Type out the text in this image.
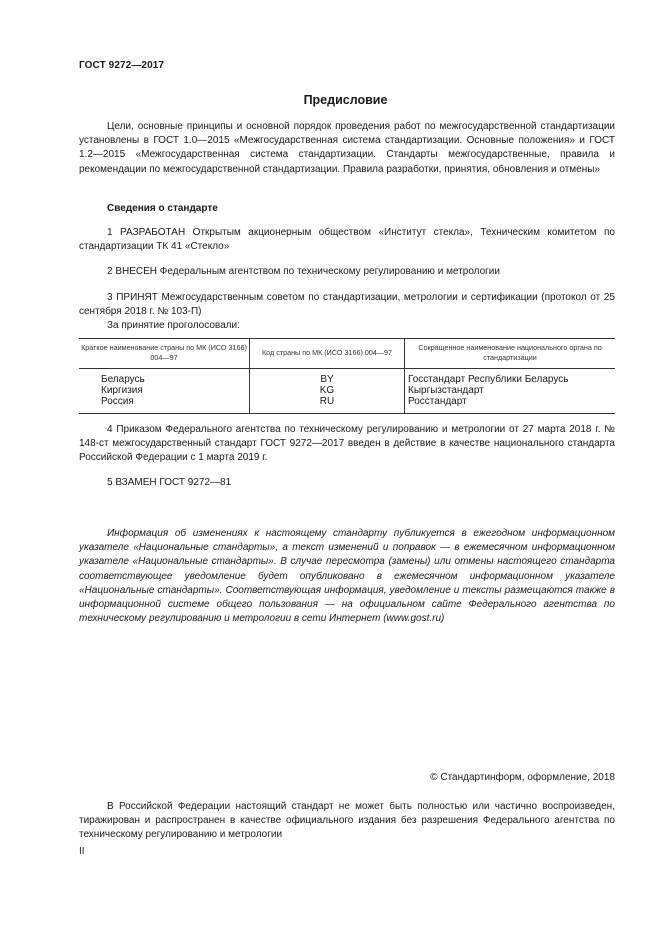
ГОСТ 9272—2017
Предисловие
Цели, основные принципы и основной порядок проведения работ по межгосударственной стандартизации установлены в ГОСТ 1.0—2015 «Межгосударственная система стандартизации. Основные положения» и ГОСТ 1.2—2015 «Межгосударственная система стандартизации. Стандарты межгосударственные, правила и рекомендации по межгосударственной стандартизации. Правила разработки, принятия, обновления и отмены»
Сведения о стандарте
1 РАЗРАБОТАН Открытым акционерным обществом «Институт стекла», Техническим комитетом по стандартизации ТК 41 «Стекло»
2 ВНЕСЕН Федеральным агентством по техническому регулированию и метрологии
3 ПРИНЯТ Межгосударственным советом по стандартизации, метрологии и сертификации (протокол от 25 сентября 2018 г. № 103-П)
За принятие проголосовали:
Краткое наименование страны по МК (ИСО 3166) 004—97	Код страны по МК (ИСО 3166) 004—97	Сокращенное наименование национального органа по стандартизации
Беларусь	BY	Госстандарт Республики Беларусь
Киргизия	KG	Кыргызстандарт
Россия	RU	Росстандарт
4 Приказом Федерального агентства по техническому регулированию и метрологии от 27 марта 2018 г. № 148-ст межгосударственный стандарт ГОСТ 9272—2017 введен в действие в качестве национального стандарта Российской Федерации с 1 марта 2019 г.
5 ВЗАМЕН ГОСТ 9272—81
Информация об изменениях к настоящему стандарту публикуется в ежегодном информационном указателе «Национальные стандарты», а текст изменений и поправок — в ежемесячном информационном указателе «Национальные стандарты». В случае пересмотра (замены) или отмены настоящего стандарта соответствующее уведомление будет опубликовано в ежемесячном информационном указателе «Национальные стандарты». Соответствующая информация, уведомление и тексты размещаются также в информационной системе общего пользования — на официальном сайте Федерального агентства по техническому регулированию и метрологии в сети Интернет (www.gost.ru)
© Стандартинформ, оформление, 2018
В Российской Федерации настоящий стандарт не может быть полностью или частично воспроизведен, тиражирован и распространен в качестве официального издания без разрешения Федерального агентства по техническому регулированию и метрологии
II
